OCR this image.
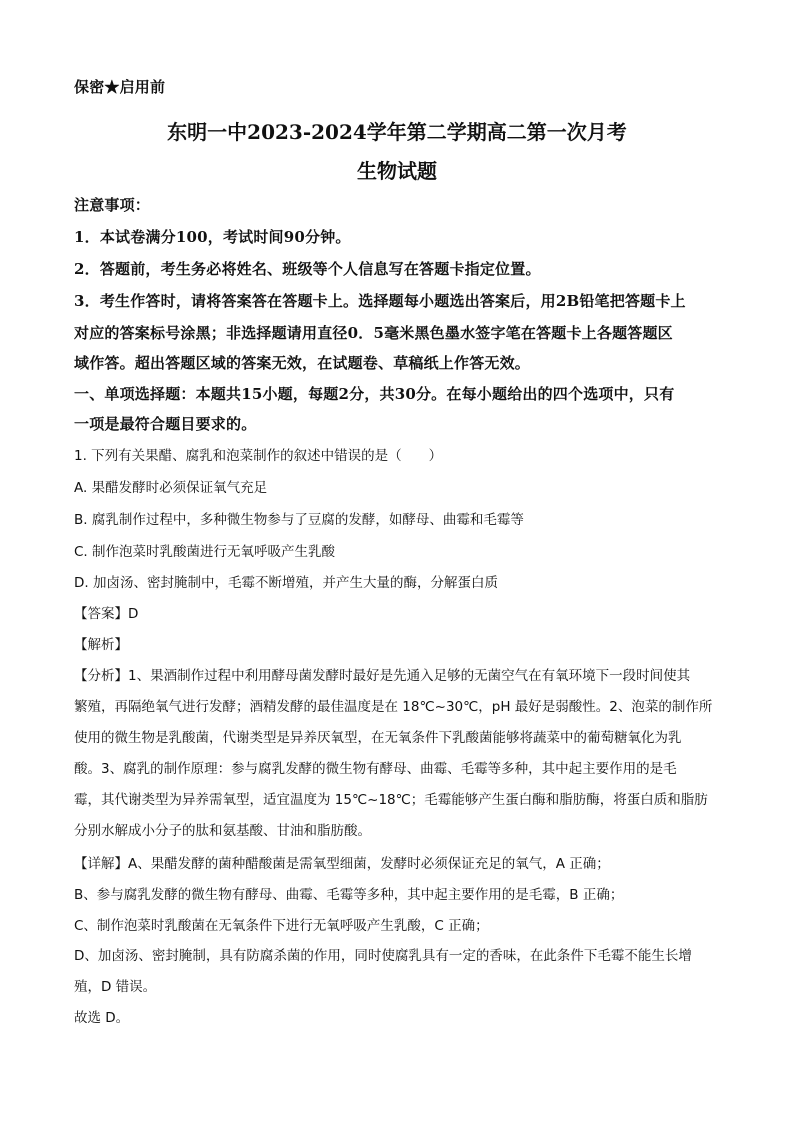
保密★启用前
东明一中2023-2024学年第二学期高二第一次月考
生物试题
注意事项：
1．本试卷满分100，考试时间90分钟。
2．答题前，考生务必将姓名、班级等个人信息写在答题卡指定位置。
3．考生作答时，请将答案答在答题卡上。选择题每小题选出答案后，用2B铅笔把答题卡上
对应的答案标号涂黑；非选择题请用直径0．5毫米黑色墨水签字笔在答题卡上各题答题区
域作答。超出答题区域的答案无效，在试题卷、草稿纸上作答无效。
一、单项选择题：本题共15小题，每题2分，共30分。在每小题给出的四个选项中，只有
一项是最符合题目要求的。
1. 下列有关果醋、腐乳和泡菜制作的叙述中错误的是（　　）
A. 果醋发酵时必须保证氧气充足
B. 腐乳制作过程中，多种微生物参与了豆腐的发酵，如酵母、曲霉和毛霉等
C. 制作泡菜时乳酸菌进行无氧呼吸产生乳酸
D. 加卤汤、密封腌制中，毛霉不断增殖，并产生大量的酶，分解蛋白质
【答案】D
【解析】
【分析】1、果酒制作过程中利用酵母菌发酵时最好是先通入足够的无菌空气在有氧环境下一段时间使其
繁殖，再隔绝氧气进行发酵；酒精发酵的最佳温度是在 18℃~30℃，pH 最好是弱酸性。2、泡菜的制作所
使用的微生物是乳酸菌，代谢类型是异养厌氧型，在无氧条件下乳酸菌能够将蔬菜中的葡萄糖氧化为乳
酸。3、腐乳的制作原理：参与腐乳发酵的微生物有酵母、曲霉、毛霉等多种，其中起主要作用的是毛
霉，其代谢类型为异养需氧型，适宜温度为 15℃~18℃；毛霉能够产生蛋白酶和脂肪酶，将蛋白质和脂肪
分别水解成小分子的肽和氨基酸、甘油和脂肪酸。
【详解】A、果醋发酵的菌种醋酸菌是需氧型细菌，发酵时必须保证充足的氧气，A 正确；
B、参与腐乳发酵的微生物有酵母、曲霉、毛霉等多种，其中起主要作用的是毛霉，B 正确；
C、制作泡菜时乳酸菌在无氧条件下进行无氧呼吸产生乳酸，C 正确；
D、加卤汤、密封腌制，具有防腐杀菌的作用，同时使腐乳具有一定的香味，在此条件下毛霉不能生长增
殖，D 错误。
故选 D。
